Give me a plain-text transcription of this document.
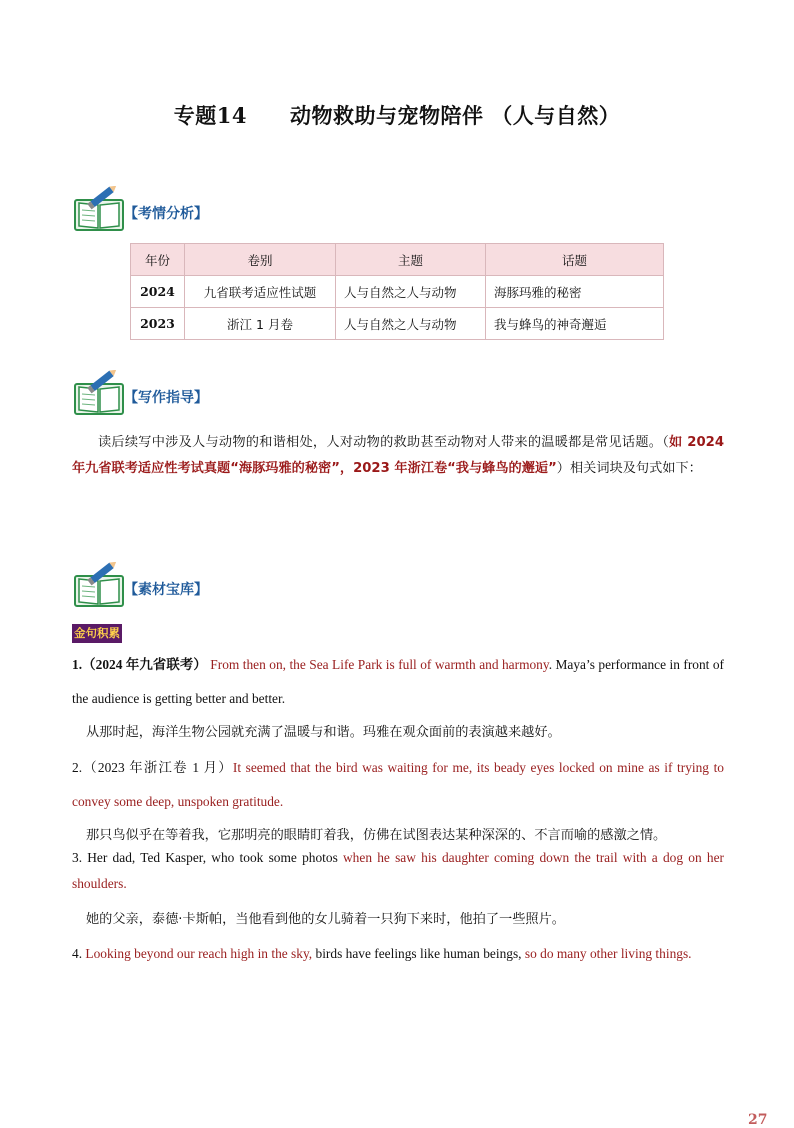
专题14　　动物救助与宠物陪伴 （人与自然）
【考情分析】
年份	卷别	主题	话题
2024	九省联考适应性试题	人与自然之人与动物	海豚玛雅的秘密
2023	浙江 1 月卷	人与自然之人与动物	我与蜂鸟的神奇邂逅
【写作指导】
读后续写中涉及人与动物的和谐相处，人对动物的救助甚至动物对人带来的温暖都是常见话题。（如 2024 年九省联考适应性考试真题“海豚玛雅的秘密”，2023 年浙江卷“我与蜂鸟的邂逅”）相关词块及句式如下：
【素材宝库】
金句积累
1.（2024 年九省联考） From then on, the Sea Life Park is full of warmth and harmony. Maya’s performance in front of the audience is getting better and better.
从那时起，海洋生物公园就充满了温暖与和谐。玛雅在观众面前的表演越来越好。
2.（2023 年浙江卷 1 月）It seemed that the bird was waiting for me, its beady eyes locked on mine as if trying to convey some deep, unspoken gratitude.
那只鸟似乎在等着我，它那明亮的眼睛盯着我，仿佛在试图表达某种深深的、不言而喻的感激之情。
3. Her dad, Ted Kasper, who took some photos when he saw his daughter coming down the trail with a dog on her shoulders.
她的父亲，泰德·卡斯帕，当他看到他的女儿骑着一只狗下来时，他拍了一些照片。
4. Looking beyond our reach high in the sky, birds have feelings like human beings, so do many other living things.
27
